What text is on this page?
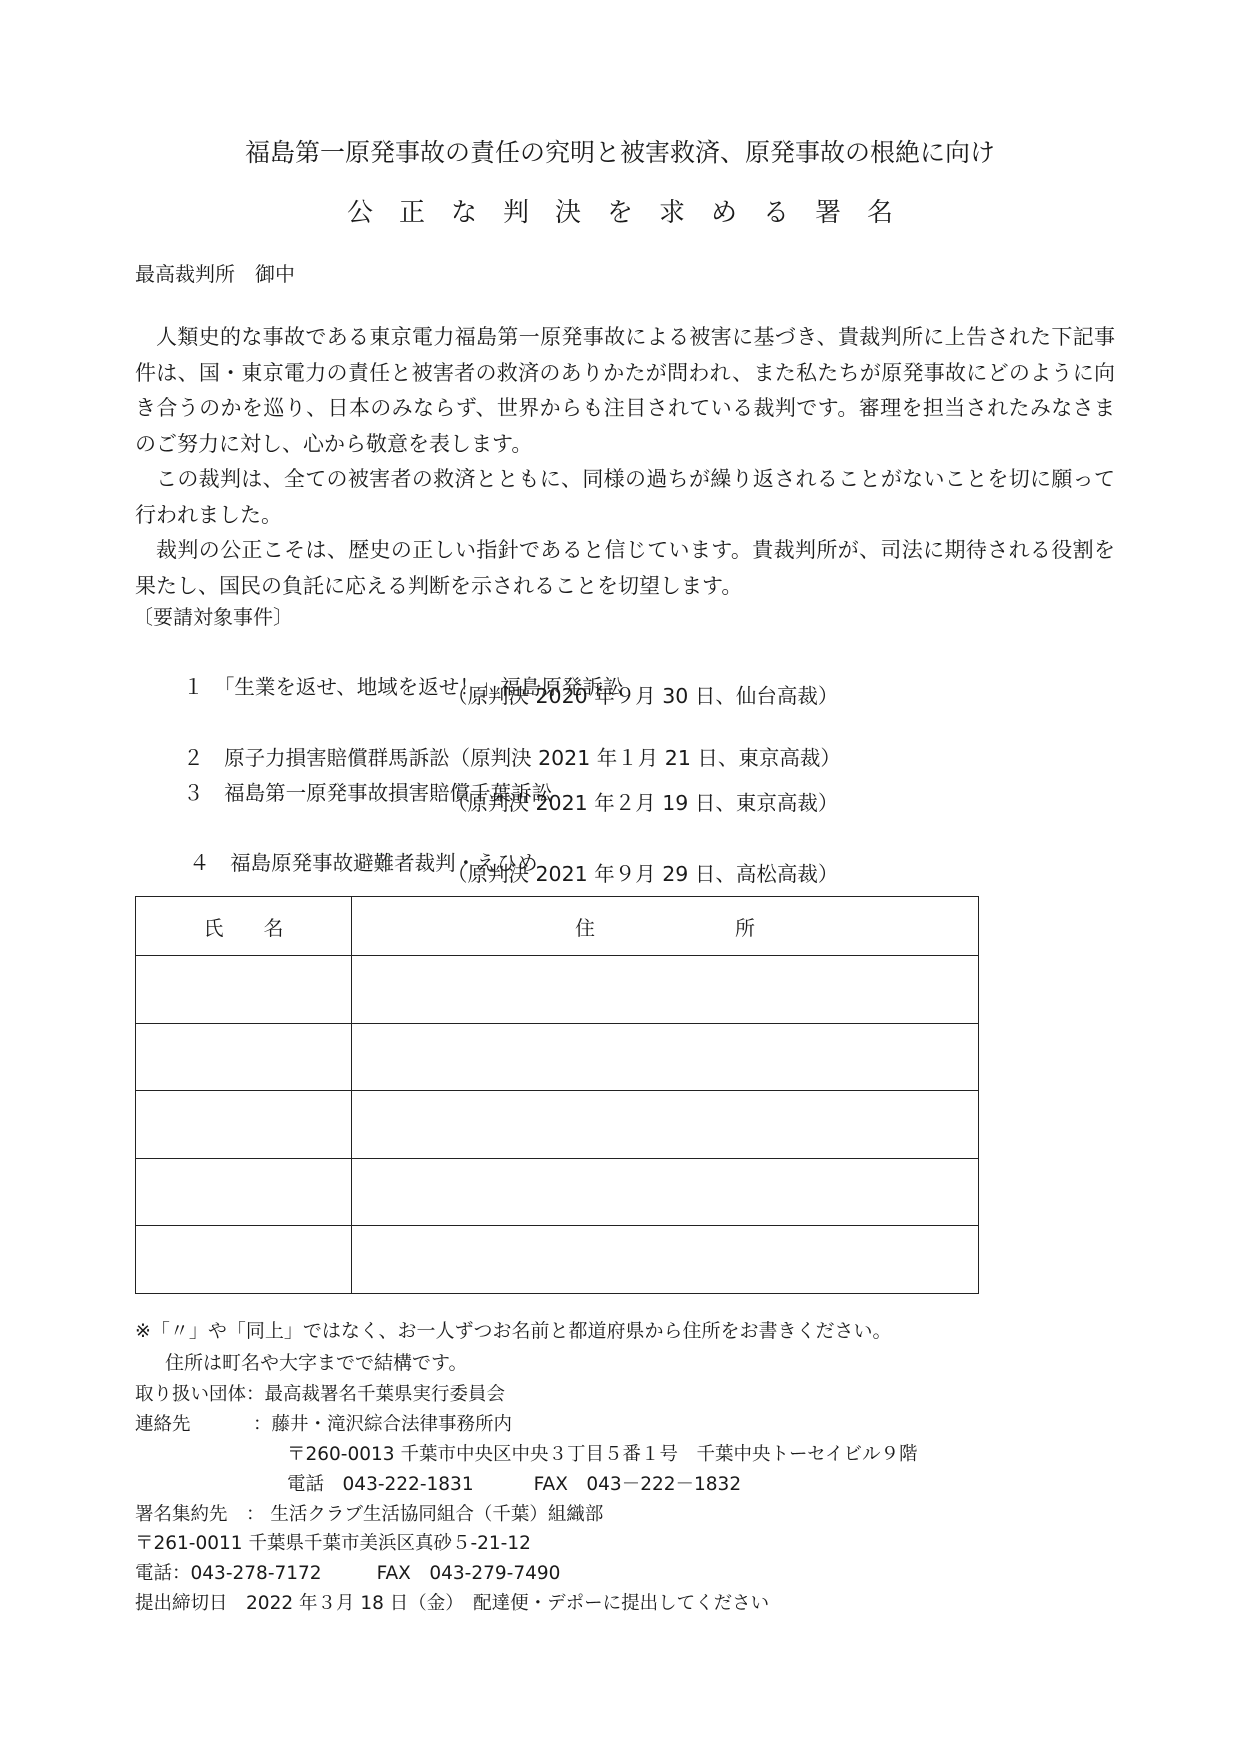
福島第一原発事故の責任の究明と被害救済、原発事故の根絶に向け
公正な判決を求める署名
最高裁判所　御中

人類史的な事故である東京電力福島第一原発事故による被害に基づき、貴裁判所に上告された下記事件は、国・東京電力の責任と被害者の救済のありかたが問われ、また私たちが原発事故にどのように向き合うのかを巡り、日本のみならず、世界からも注目されている裁判です。審理を担当されたみなさまのご努力に対し、心から敬意を表します。

この裁判は、全ての被害者の救済とともに、同様の過ちが繰り返されることがないことを切に願って行われました。

裁判の公正こそは、歴史の正しい指針であると信じています。貴裁判所が、司法に期待される役割を果たし、国民の負託に応える判断を示されることを切望します。

〔要請対象事件〕

１　 「生業を返せ、地域を返せ！」福島原発訴訟

（原判決 2020 年９月 30 日、仙台高裁）

２　 原子力損害賠償群馬訴訟（原判決 2021 年１月 21 日、東京高裁）

３　 福島第一原発事故損害賠償千葉訴訟

（原判決 2021 年２月 19 日、東京高裁）

４　 福島原発事故避難者裁判・えひめ

（原判決 2021 年９月 29 日、高松高裁）
氏名	住所

※「〃」や「同上」ではなく、お一人ずつお名前と都道府県から住所をお書きください。
住所は町名や大字までで結構です。
取り扱い団体：最高裁署名千葉県実行委員会
連絡先	：藤井・滝沢綜合法律事務所内
〒260-0013 千葉市中央区中央３丁目５番１号　千葉中央トーセイビル９階
電話　 043-222-1831	FAX　 043－222－1832
署名集約先　： 生活クラブ生活協同組合（千葉）組織部
〒261-0011 千葉県千葉市美浜区真砂５-21-12
電話：043-278-7172	FAX　 043-279-7490
提出締切日　 2022 年３月 18 日（金）　 配達便・デポーに提出してください
